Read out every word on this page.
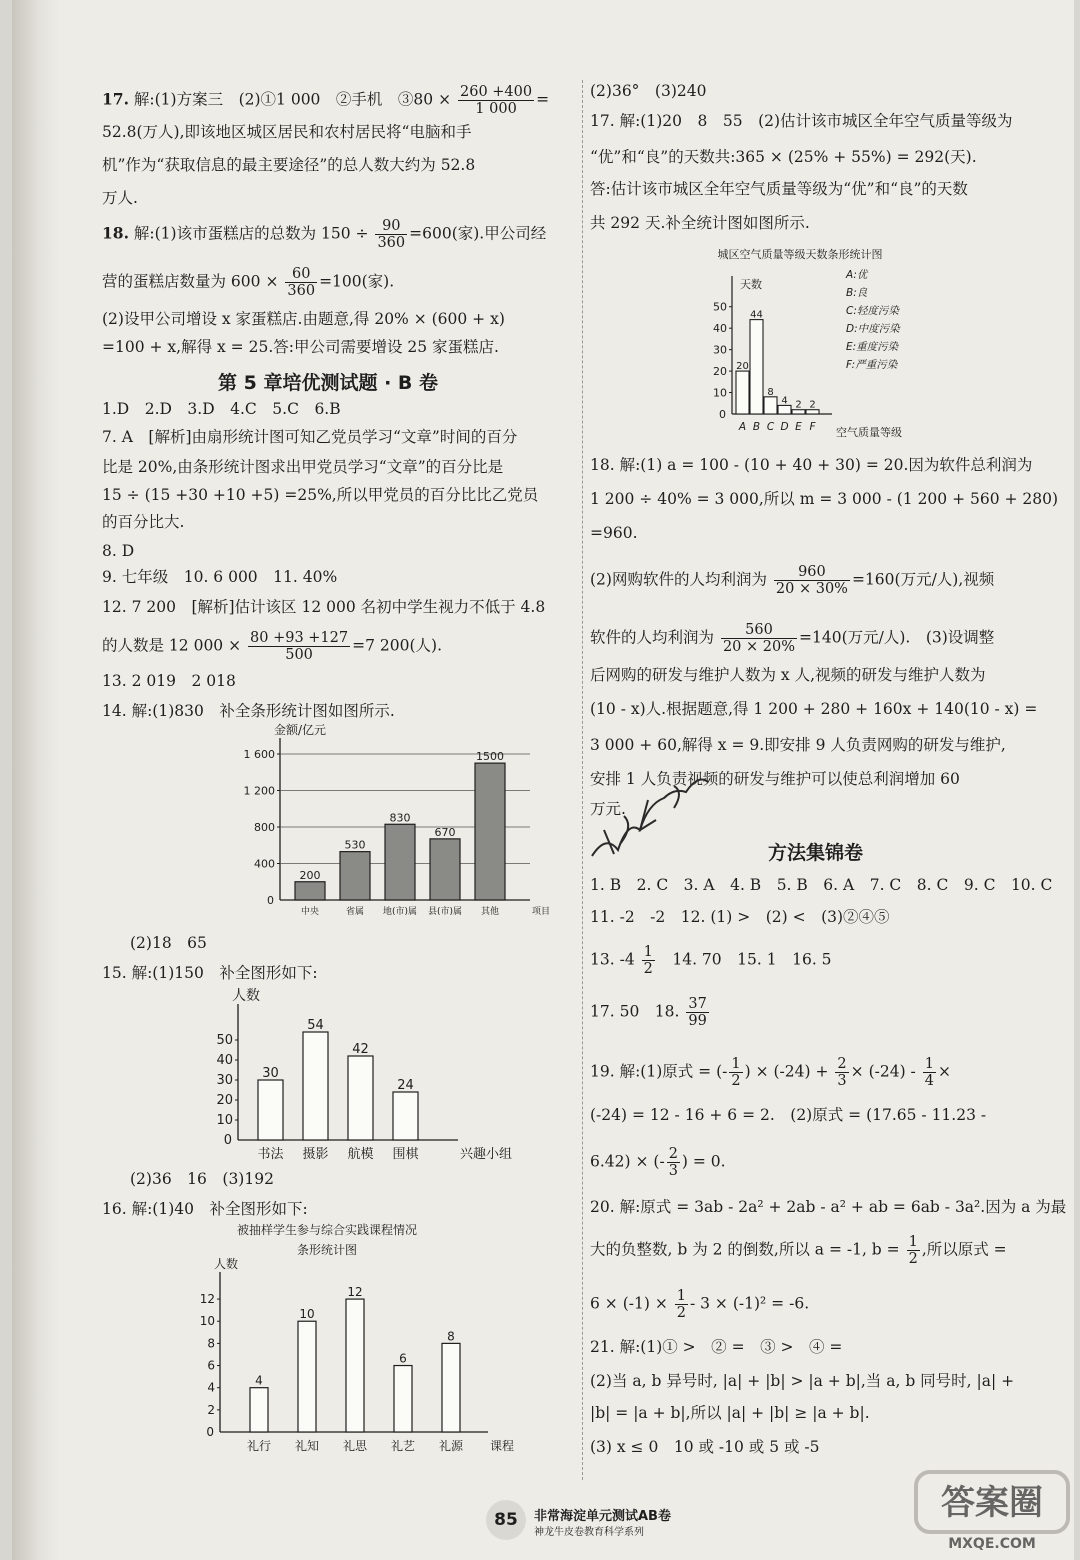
17. 解:(1)方案三　(2)①1 000　②手机　③80 × $\frac{260 +400}{1 000}$ =
52.8(万人),即该地区城区居民和农村居民将“电脑和手
机”作为“获取信息的最主要途径”的总人数大约为 52.8
万人.
18. 解:(1)该市蛋糕店的总数为 $150 \div \frac{90}{360} =600$(家).甲公司经
营的蛋糕店数量为 $600 \times \frac{60}{360} =100$(家).
(2)设甲公司增设 x 家蛋糕店.由题意,得 20% × (600 + x)
=100 + x,解得 x = 25.答:甲公司需要增设 25 家蛋糕店.
第 5 章培优测试题 · B 卷
1.D　2.D　3.D　4.C　5.C　6.B
7. A　[解析]由扇形统计图可知乙党员学习“文章”时间的百分
比是 20%,由条形统计图求出甲党员学习“文章”的百分比是
15 ÷ (15 +30 +10 +5) =25%,所以甲党员的百分比比乙党员
的百分比大.
8. D
9. 七年级　10. 6 000　11. 40%
12. 7 200　[解析]估计该区 12 000 名初中学生视力不低于 4.8
的人数是 12 $000 \times \frac{80 +93 +127}{500} =7$ 200(人).
13. 2 019　2 018
14. 解:(1)830　补全条形统计图如图所示.
0
400
800
1 200
1 600
200
中央
530
省属
830
地(市)属
670
县(市)属
1500
其他
金额/亿元
项目
(2)18　65
15. 解:(1)150　补全图形如下:
0
10
20
30
40
50
30
书法
54
摄影
42
航模
24
围棋
人数
兴趣小组
(2)36　16　(3)192
16. 解:(1)40　补全图形如下:
0
2
4
6
8
10
12
4
礼行
10
礼知
12
礼思
6
礼艺
8
礼源
人数
课程
被抽样学生参与综合实践课程情况
条形统计图
(2)36°　(3)240
17. 解:(1)20　8　55　(2)估计该市城区全年空气质量等级为
“优”和“良”的天数共:365 × (25% + 55%) = 292(天).
答:估计该市城区全年空气质量等级为“优”和“良”的天数
共 292 天.补全统计图如图所示.
城区空气质量等级天数条形统计图
0
10
20
30
40
50
20
A
44
B
8
C
4
D
2
E
2
F
天数
空气质量等级
A:优
B:良
C:轻度污染
D:中度污染
E:重度污染
F:严重污染
18. 解:(1) a = 100 - (10 + 40 + 30) = 20.因为软件总利润为
1 200 ÷ 40% = 3 000,所以 m = 3 000 - (1 200 + 560 + 280)
=960.
(2)网购软件的人均利润为 $\frac{960}{20 \times 30\%} =160$(万元/人),视频
软件的人均利润为 $\frac{560}{20 \times 20\%} =140$(万元/人).　(3)设调整
后网购的研发与维护人数为 x 人,视频的研发与维护人数为
(10 - x)人.根据题意,得 1 200 + 280 + 160x + 140(10 - x) =
3 000 + 60,解得 x = 9.即安排 9 人负责网购的研发与维护,
安排 1 人负责视频的研发与维护可以使总利润增加 60
万元.
方法集锦卷
1. B　2. C　3. A　4. B　5. B　6. A　7. C　8. C　9. C　10. C
11. -2　-2　12. (1) >　(2) <　(3)②④⑤
13. $-4 \frac{1}{2}$ 　14. 70　15. 1　16. 5
17. 50　18. $\frac{37}{99}$
19. 解:(1)原式 = (- $\frac{1}{2}$ ) × $(-24) + \frac{2}{3} \times (-24) - \frac{1}{4}$ ×
(-24) = 12 - 16 + 6 = 2.　(2)原式 = (17.65 - 11.23 -
6.42) × (- $\frac{2}{3}$ ) = 0.
20. 解:原式 = 3ab - 2a² + 2ab - a² + ab = 6ab - 3a².因为 a 为最
大的负整数, b 为 2 的倒数,所以 a = -1, $b = \frac{1}{2}$ ,所以原式 =
$6 \times (-1) \times \frac{1}{2} - 3 \times (-1)^2 = -6$.
21. 解:(1)① >　② =　③ >　④ =
(2)当 a, b 异号时, |a| + |b| > |a + b|,当 a, b 同号时, |a| +
|b| = |a + b|,所以 |a| + |b| ≥ |a + b|.
(3) x ≤ 0　10 或 -10 或 5 或 -5
85	非常海淀单元测试AB卷
神龙牛皮卷教育科学系列
答案圈
MXQE.COM
